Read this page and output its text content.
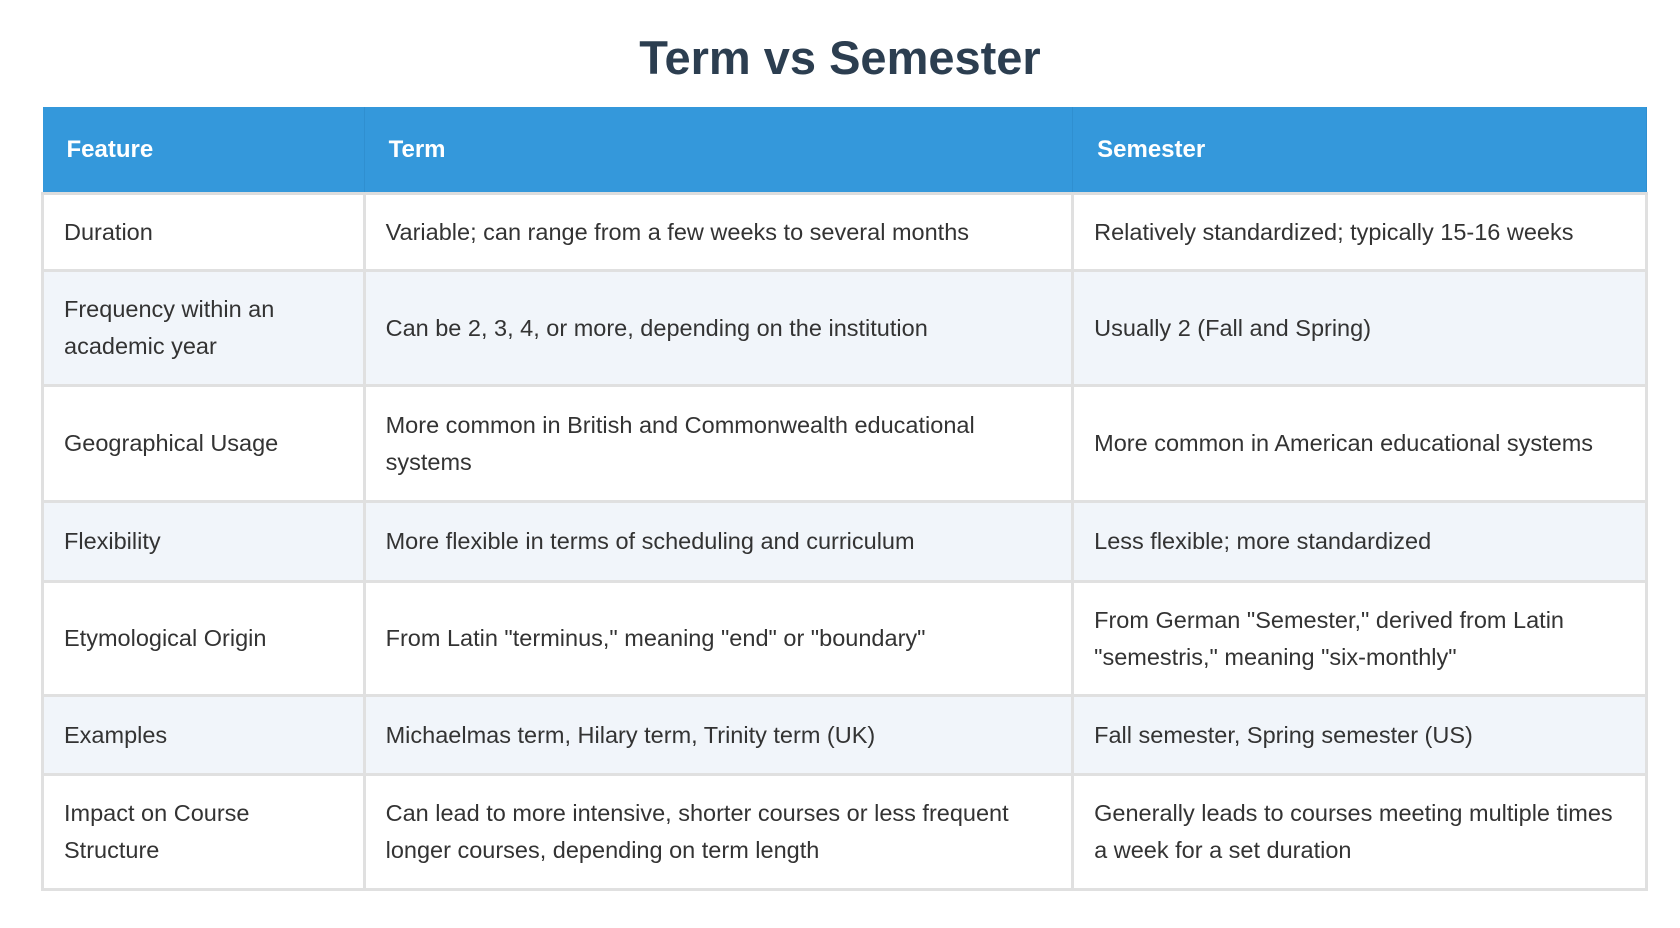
Term vs Semester
Feature	Term	Semester
Duration	Variable; can range from a few weeks to several months	Relatively standardized; typically 15-16 weeks
Frequency within an academic year	Can be 2, 3, 4, or more, depending on the institution	Usually 2 (Fall and Spring)
Geographical Usage	More common in British and Commonwealth educational systems	More common in American educational systems
Flexibility	More flexible in terms of scheduling and curriculum	Less flexible; more standardized
Etymological Origin	From Latin "terminus," meaning "end" or "boundary"	From German "Semester," derived from Latin "semestris," meaning "six-monthly"
Examples	Michaelmas term, Hilary term, Trinity term (UK)	Fall semester, Spring semester (US)
Impact on Course Structure	Can lead to more intensive, shorter courses or less frequent longer courses, depending on term length	Generally leads to courses meeting multiple times a week for a set duration
